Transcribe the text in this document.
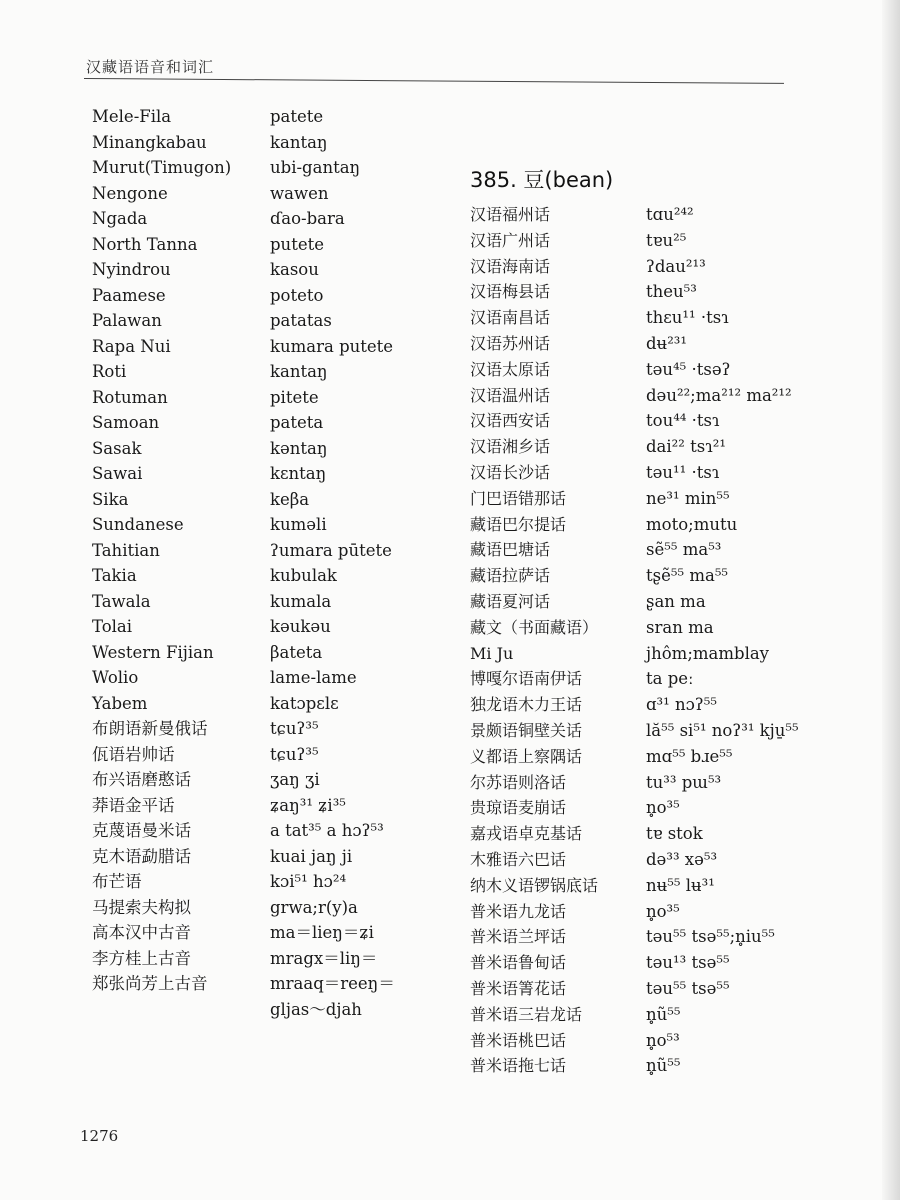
汉藏语语音和词汇
Mele-Fila
Minangkabau
Murut(Timugon)
Nengone
Ngada
North Tanna
Nyindrou
Paamese
Palawan
Rapa Nui
Roti
Rotuman
Samoan
Sasak
Sawai
Sika
Sundanese
Tahitian
Takia
Tawala
Tolai
Western Fijian
Wolio
Yabem
布朗语新曼俄话
佤语岩帅话
布兴语磨憨话
莽语金平话
克蔑语曼米话
克木语勐腊话
布芒语
马提索夫构拟
高本汉中古音
李方桂上古音
郑张尚芳上古音
patete
kantaŋ
ubi-gantaŋ
wawen
ɗao-bara
putete
kasou
poteto
patatas
kumara putete
kantaŋ
pitete
pateta
kəntaŋ
kɛntaŋ
keβa
kuməli
ʔumara pūtete
kubulak
kumala
kəukəu
βateta
lame-lame
katɔpɛlɛ
tɕuʔ³⁵
tɕuʔ³⁵
ʒaŋ ʒi
ʑaŋ³¹ ʑi³⁵
a tat³⁵ a hɔʔ⁵³
kuai jaŋ ji
kɔi⁵¹ hɔ²⁴
grwa;r(y)a
ma＝lieŋ＝ʑi
mragx＝liŋ＝
mraaq＝reeŋ＝
gljas～djah
385. 豆(bean)
汉语福州话
汉语广州话
汉语海南话
汉语梅县话
汉语南昌话
汉语苏州话
汉语太原话
汉语温州话
汉语西安话
汉语湘乡话
汉语长沙话
门巴语错那话
藏语巴尔提话
藏语巴塘话
藏语拉萨话
藏语夏河话
藏文（书面藏语）
Mi Ju
博嘎尔语南伊话
独龙语木力王话
景颇语铜壁关话
义都语上察隅话
尔苏语则洛话
贵琼语麦崩话
嘉戎语卓克基话
木雅语六巴话
纳木义语锣锅底话
普米语九龙话
普米语兰坪话
普米语鲁甸话
普米语箐花话
普米语三岩龙话
普米语桃巴话
普米语拖七话
tɑu²⁴²
tɐu²⁵
ʔdau²¹³
theu⁵³
thɛu¹¹ ·tsɿ
dʉ²³¹
təu⁴⁵ ·tsəʔ
dəu²²;ma²¹² ma²¹²
tou⁴⁴ ·tsɿ
dai²² tsɿ²¹
təu¹¹ ·tsɿ
ne³¹ min⁵⁵
moto;mutu
sẽ⁵⁵ ma⁵³
tʂẽ⁵⁵ ma⁵⁵
ʂan ma
sran ma
jhôm;mamblay
ta peː
ɑ³¹ nɔʔ⁵⁵
lă⁵⁵ si⁵¹ noʔ³¹ kju̱⁵⁵
mɑ⁵⁵ bɹe⁵⁵
tu³³ pɯ⁵³
n̥o³⁵
tɐ stok
də³³ xə⁵³
nʉ⁵⁵ lʉ³¹
n̥o³⁵
təu⁵⁵ tsə⁵⁵;n̥iu⁵⁵
təu¹³ tsə⁵⁵
təu⁵⁵ tsə⁵⁵
n̥ũ⁵⁵
n̥o⁵³
n̥ũ⁵⁵
1276
